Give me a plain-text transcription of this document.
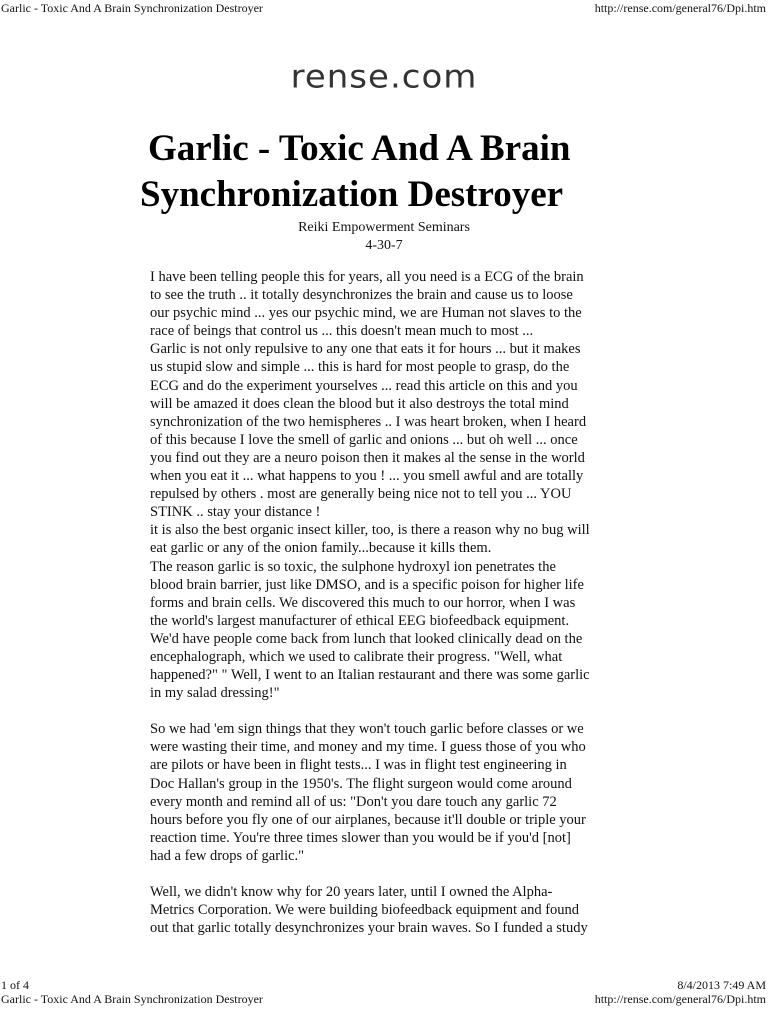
Garlic - Toxic And A Brain Synchronization Destroyer	http://rense.com/general76/Dpi.htm
rense.com
Garlic - Toxic And A Brain
Synchronization Destroyer
Reiki Empowerment Seminars
4-30-7

I have been telling people this for years, all you need is a ECG of the brain
to see the truth .. it totally desynchronizes the brain and cause us to loose
our psychic mind ... yes our psychic mind, we are Human not slaves to the
race of beings that control us ... this doesn't mean much to most ...
Garlic is not only repulsive to any one that eats it for hours ... but it makes
us stupid slow and simple ... this is hard for most people to grasp, do the
ECG and do the experiment yourselves ... read this article on this and you
will be amazed it does clean the blood but it also destroys the total mind
synchronization of the two hemispheres .. I was heart broken, when I heard
of this because I love the smell of garlic and onions ... but oh well ... once
you find out they are a neuro poison then it makes al the sense in the world
when you eat it ... what happens to you ! ... you smell awful and are totally
repulsed by others . most are generally being nice not to tell you ... YOU
STINK .. stay your distance !
it is also the best organic insect killer, too, is there a reason why no bug will
eat garlic or any of the onion family...because it kills them.
The reason garlic is so toxic, the sulphone hydroxyl ion penetrates the
blood brain barrier, just like DMSO, and is a specific poison for higher life
forms and brain cells. We discovered this much to our horror, when I was
the world's largest manufacturer of ethical EEG biofeedback equipment.
We'd have people come back from lunch that looked clinically dead on the
encephalograph, which we used to calibrate their progress. "Well, what
happened?" " Well, I went to an Italian restaurant and there was some garlic
in my salad dressing!"

So we had 'em sign things that they won't touch garlic before classes or we
were wasting their time, and money and my time. I guess those of you who
are pilots or have been in flight tests... I was in flight test engineering in
Doc Hallan's group in the 1950's. The flight surgeon would come around
every month and remind all of us: "Don't you dare touch any garlic 72
hours before you fly one of our airplanes, because it'll double or triple your
reaction time. You're three times slower than you would be if you'd [not]
had a few drops of garlic."

Well, we didn't know why for 20 years later, until I owned the Alpha-
Metrics Corporation. We were building biofeedback equipment and found
out that garlic totally desynchronizes your brain waves. So I funded a study

1 of 4	8/4/2013 7:49 AM
Garlic - Toxic And A Brain Synchronization Destroyer	http://rense.com/general76/Dpi.htm
